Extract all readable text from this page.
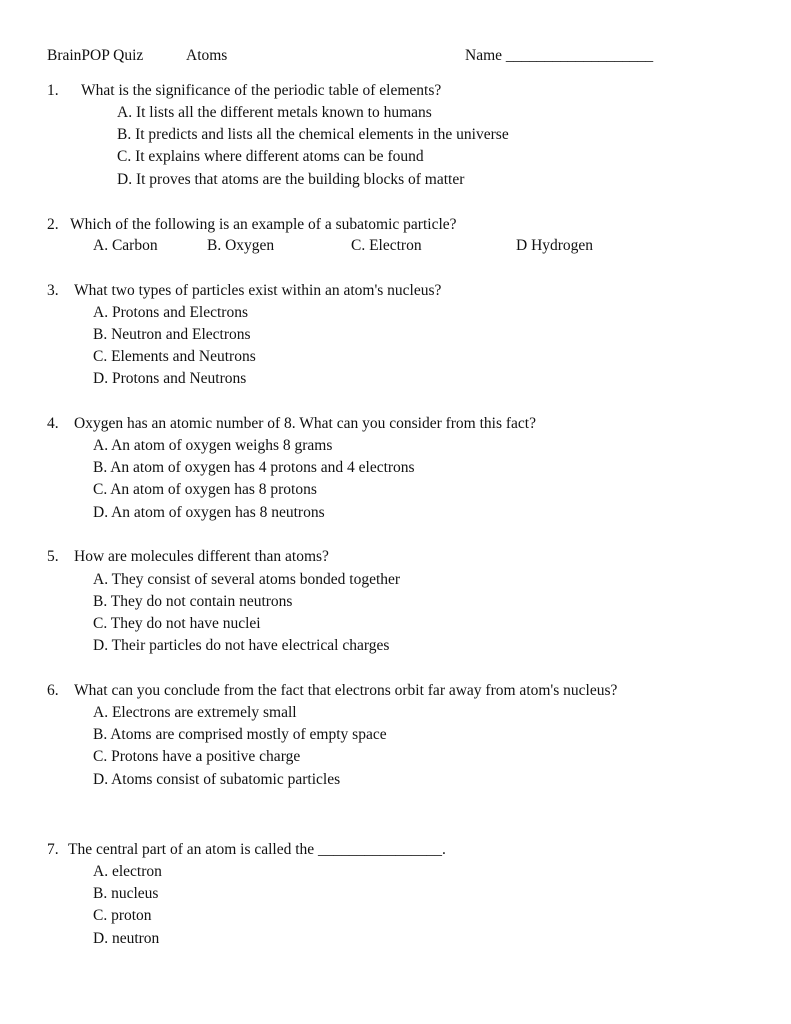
BrainPOP Quiz	Atoms	Name ___________________
1. What is the significance of the periodic table of elements?
A. It lists all the different metals known to humans
B. It predicts and lists all the chemical elements in the universe
C. It explains where different atoms can be found
D. It proves that atoms are the building blocks of matter
2. Which of the following is an example of a subatomic particle?
A. Carbon	B. Oxygen	C. Electron	D Hydrogen
3. What two types of particles exist within an atom's nucleus?
A. Protons and Electrons
B. Neutron and Electrons
C. Elements and Neutrons
D. Protons and Neutrons
4. Oxygen has an atomic number of 8. What can you consider from this fact?
A. An atom of oxygen weighs 8 grams
B. An atom of oxygen has 4 protons and 4 electrons
C. An atom of oxygen has 8 protons
D. An atom of oxygen has 8 neutrons
5. How are molecules different than atoms?
A. They consist of several atoms bonded together
B. They do not contain neutrons
C. They do not have nuclei
D. Their particles do not have electrical charges
6. What can you conclude from the fact that electrons orbit far away from atom's nucleus?
A. Electrons are extremely small
B. Atoms are comprised mostly of empty space
C. Protons have a positive charge
D. Atoms consist of subatomic particles
7. The central part of an atom is called the ________________.
A. electron
B. nucleus
C. proton
D. neutron
